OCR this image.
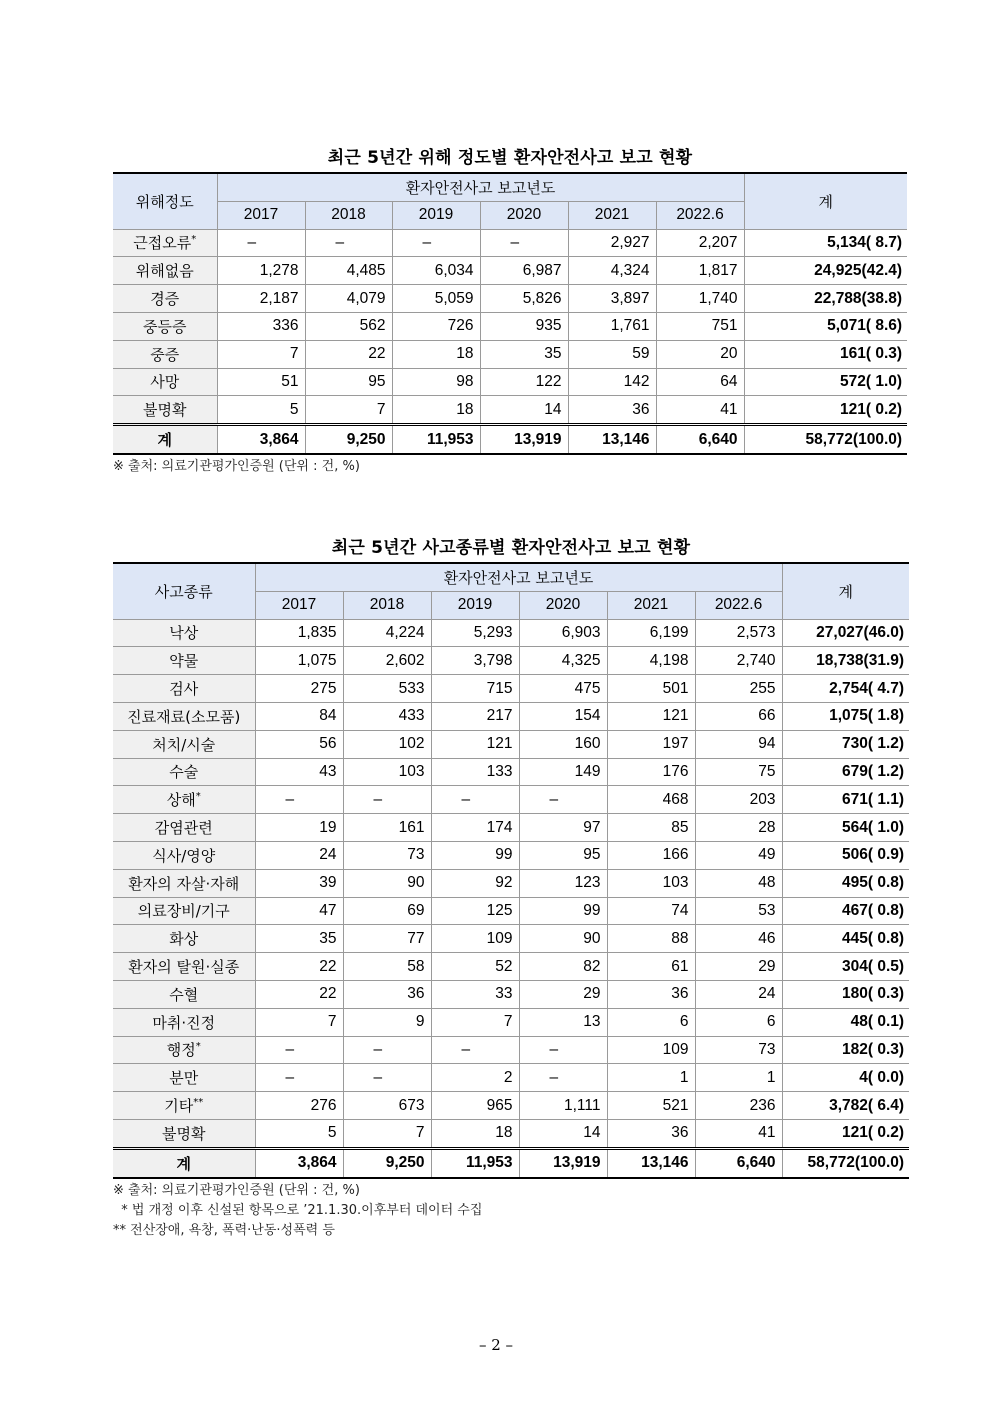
최근 5년간 위해 정도별 환자안전사고 보고 현황
위해정도	환자안전사고 보고년도						계
	2017	2018	2019	2020	2021	2022.6	
근접오류*	–	–	–	–	2,927	2,207	5,134( 8.7)
위해없음	1,278	4,485	6,034	6,987	4,324	1,817	24,925(42.4)
경증	2,187	4,079	5,059	5,826	3,897	1,740	22,788(38.8)
중등증	336	562	726	935	1,761	751	5,071( 8.6)
중증	7	22	18	35	59	20	161( 0.3)
사망	51	95	98	122	142	64	572( 1.0)
불명확	5	7	18	14	36	41	121( 0.2)
계	3,864	9,250	11,953	13,919	13,146	6,640	58,772(100.0)
※ 출처: 의료기관평가인증원 (단위 : 건, %)
최근 5년간 사고종류별 환자안전사고 보고 현황
사고종류	환자안전사고 보고년도						계
	2017	2018	2019	2020	2021	2022.6	
낙상	1,835	4,224	5,293	6,903	6,199	2,573	27,027(46.0)
약물	1,075	2,602	3,798	4,325	4,198	2,740	18,738(31.9)
검사	275	533	715	475	501	255	2,754( 4.7)
진료재료(소모품)	84	433	217	154	121	66	1,075( 1.8)
처치/시술	56	102	121	160	197	94	730( 1.2)
수술	43	103	133	149	176	75	679( 1.2)
상해*	–	–	–	–	468	203	671( 1.1)
감염관련	19	161	174	97	85	28	564( 1.0)
식사/영양	24	73	99	95	166	49	506( 0.9)
환자의 자살·자해	39	90	92	123	103	48	495( 0.8)
의료장비/기구	47	69	125	99	74	53	467( 0.8)
화상	35	77	109	90	88	46	445( 0.8)
환자의 탈원·실종	22	58	52	82	61	29	304( 0.5)
수혈	22	36	33	29	36	24	180( 0.3)
마취·진정	7	9	7	13	6	6	48( 0.1)
행정*	–	–	–	–	109	73	182( 0.3)
분만	–	–	2	–	1	1	4( 0.0)
기타**	276	673	965	1,111	521	236	3,782( 6.4)
불명확	5	7	18	14	36	41	121( 0.2)
계	3,864	9,250	11,953	13,919	13,146	6,640	58,772(100.0)
※ 출처: 의료기관평가인증원 (단위 : 건, %)
* 법 개정 이후 신설된 항목으로 ’21.1.30.이후부터 데이터 수집
** 전산장애, 욕창, 폭력·난동·성폭력 등
– 2 –
